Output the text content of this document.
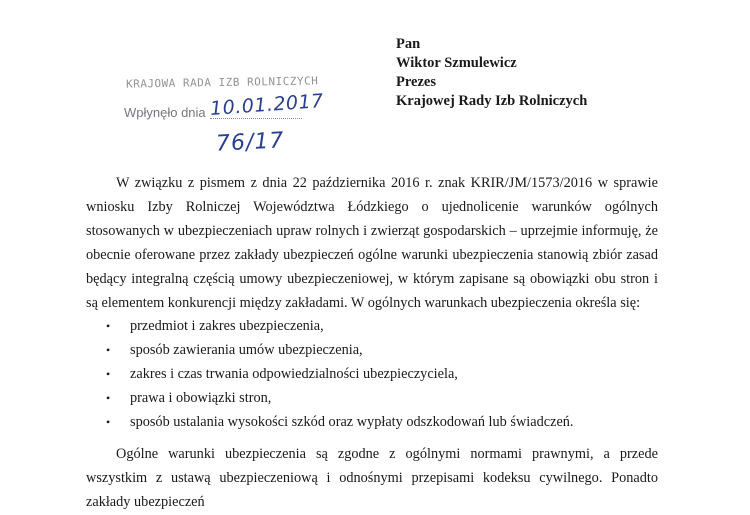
Pan
Wiktor Szmulewicz
Prezes
Krajowej Rady Izb Rolniczych
KRAJOWA RADA IZB ROLNICZYCH
Wpłynęło dnia 10.01.2017
76/17

W związku z pismem z dnia 22 października 2016 r. znak KRIR/JM/1573/2016 w sprawie wniosku Izby Rolniczej Województwa Łódzkiego o ujednolicenie warunków ogólnych stosowanych w ubezpieczeniach upraw rolnych i zwierząt gospodarskich – uprzejmie informuję, że obecnie oferowane przez zakłady ubezpieczeń ogólne warunki ubezpieczenia stanowią zbiór zasad będący integralną częścią umowy ubezpieczeniowej, w którym zapisane są obowiązki obu stron i są elementem konkurencji między zakładami. W ogólnych warunkach ubezpieczenia określa się:

• przedmiot i zakres ubezpieczenia,
• sposób zawierania umów ubezpieczenia,
• zakres i czas trwania odpowiedzialności ubezpieczyciela,
• prawa i obowiązki stron,
• sposób ustalania wysokości szkód oraz wypłaty odszkodowań lub świadczeń.

Ogólne warunki ubezpieczenia są zgodne z ogólnymi normami prawnymi, a przede wszystkim z ustawą ubezpieczeniową i odnośnymi przepisami kodeksu cywilnego. Ponadto zakłady ubezpieczeń
